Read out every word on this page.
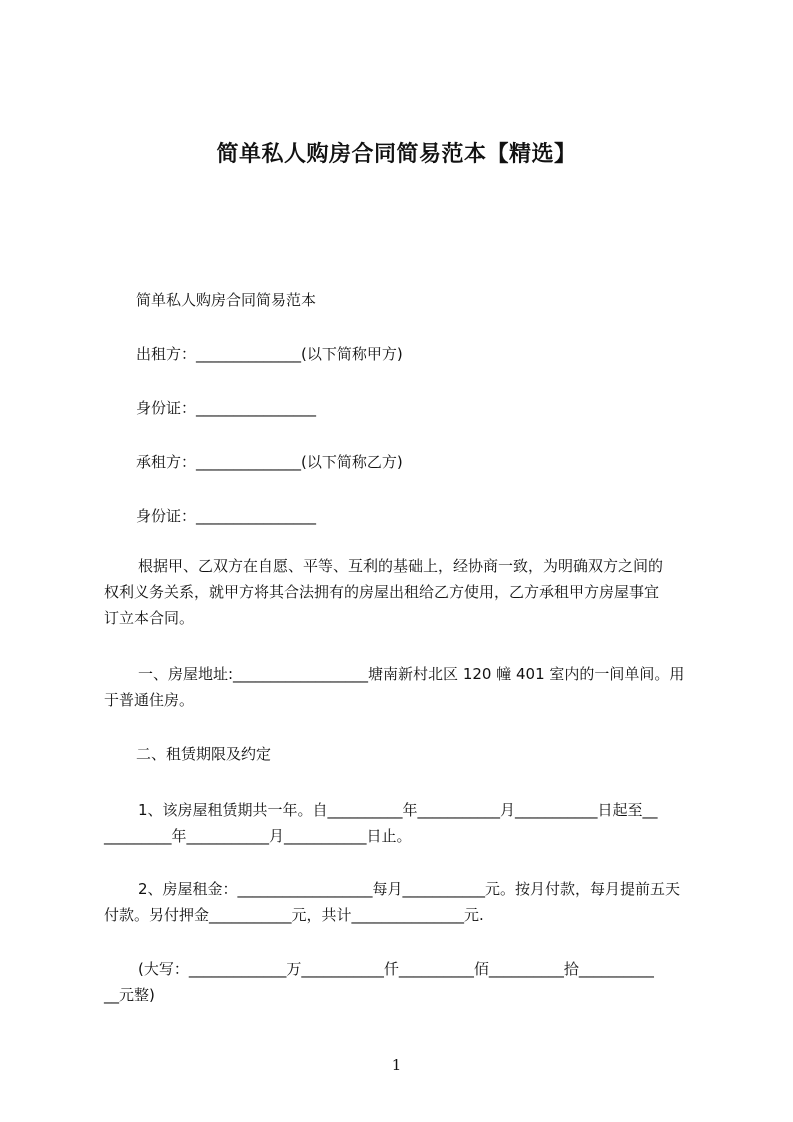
简单私人购房合同简易范本【精选】
简单私人购房合同简易范本
出租方：______________(以下简称甲方)
身份证：________________
承租方：______________(以下简称乙方)
身份证：________________
根据甲、乙双方在自愿、平等、互利的基础上，经协商一致，为明确双方之间的
权利义务关系，就甲方将其合法拥有的房屋出租给乙方使用，乙方承租甲方房屋事宜
订立本合同。
一、房屋地址:__________________塘南新村北区 120 幢 401 室内的一间单间。用
于普通住房。
二、租赁期限及约定
1、该房屋租赁期共一年。自__________年___________月___________日起至__
_________年___________月___________日止。
2、房屋租金：__________________每月___________元。按月付款，每月提前五天
付款。另付押金___________元，共计_______________元.
(大写：_____________万___________仟__________佰__________拾__________
__元整)
1
